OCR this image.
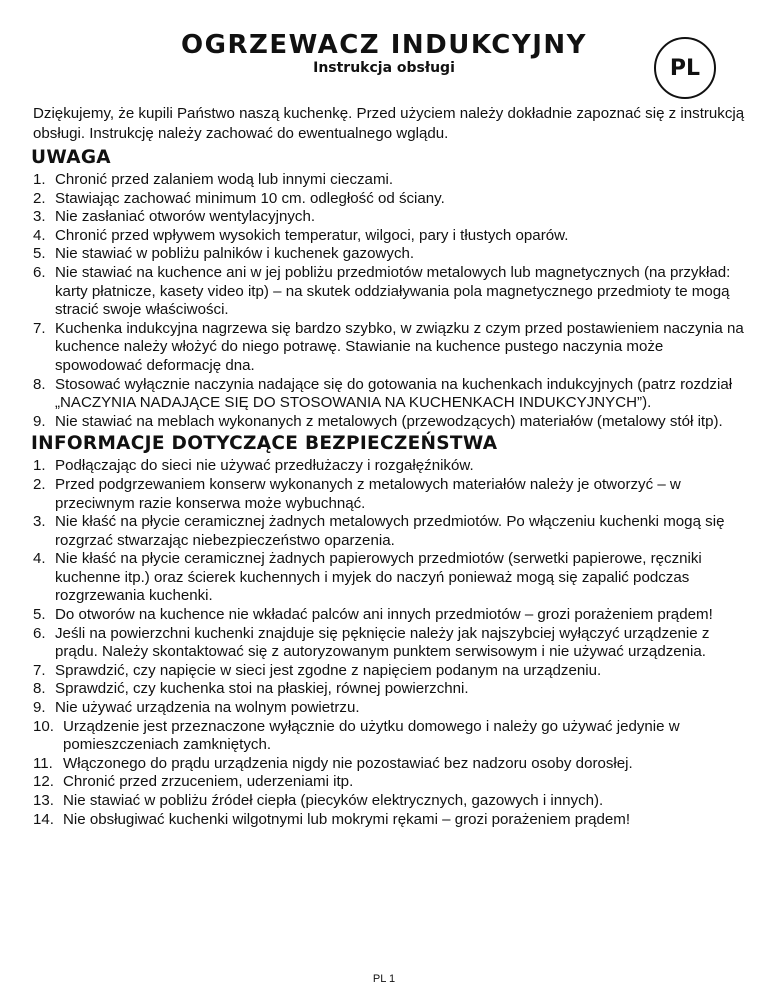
OGRZEWACZ INDUKCYJNY
Instrukcja obsługi	PL

Dziękujemy, że kupili Państwo naszą kuchenkę. Przed użyciem należy dokładnie zapoznać się z instrukcją obsługi. Instrukcję należy zachować do ewentualnego wglądu.

UWAGA
1. Chronić przed zalaniem wodą lub innymi cieczami.
2. Stawiając zachować minimum 10 cm. odległość od ściany.
3. Nie zasłaniać otworów wentylacyjnych.
4. Chronić przed wpływem wysokich temperatur, wilgoci, pary i tłustych oparów.
5. Nie stawiać w pobliżu palników i kuchenek gazowych.
6. Nie stawiać na kuchence ani w jej pobliżu przedmiotów metalowych lub magnetycznych (na przykład: karty płatnicze, kasety video itp) – na skutek oddziaływania pola magnetycznego przedmioty te mogą stracić swoje właściwości.
7. Kuchenka indukcyjna nagrzewa się bardzo szybko, w związku z czym przed postawieniem naczynia na kuchence należy włożyć do niego potrawę. Stawianie na kuchence pustego naczynia może spowodować deformację dna.
8. Stosować wyłącznie naczynia nadające się do gotowania na kuchenkach indukcyjnych (patrz rozdział „NACZYNIA NADAJĄCE SIĘ DO STOSOWANIA NA KUCHENKACH INDUKCYJNYCH”).
9. Nie stawiać na meblach wykonanych z metalowych (przewodzących) materiałów (metalowy stół itp).
INFORMACJE DOTYCZĄCE BEZPIECZEŃSTWA
1. Podłączając do sieci nie używać przedłużaczy i rozgałęźników.
2. Przed podgrzewaniem konserw wykonanych z metalowych materiałów należy je otworzyć – w przeciwnym razie konserwa może wybuchnąć.
3. Nie kłaść na płycie ceramicznej żadnych metalowych przedmiotów. Po włączeniu kuchenki mogą się rozgrzać stwarzając niebezpieczeństwo oparzenia.
4. Nie kłaść na płycie ceramicznej żadnych papierowych przedmiotów (serwetki papierowe, ręczniki kuchenne itp.) oraz ścierek kuchennych i myjek do naczyń ponieważ mogą się zapalić podczas rozgrzewania kuchenki.
5. Do otworów na kuchence nie wkładać palców ani innych przedmiotów – grozi porażeniem prądem!
6. Jeśli na powierzchni kuchenki znajduje się pęknięcie należy jak najszybciej wyłączyć urządzenie z prądu. Należy skontaktować się z autoryzowanym punktem serwisowym i nie używać urządzenia.
7. Sprawdzić, czy napięcie w sieci jest zgodne z napięciem podanym na urządzeniu.
8. Sprawdzić, czy kuchenka stoi na płaskiej, równej powierzchni.
9. Nie używać urządzenia na wolnym powietrzu.
10. Urządzenie jest przeznaczone wyłącznie do użytku domowego i należy go używać jedynie w pomieszczeniach zamkniętych.
11. Włączonego do prądu urządzenia nigdy nie pozostawiać bez nadzoru osoby dorosłej.
12. Chronić przed zrzuceniem, uderzeniami itp.
13. Nie stawiać w pobliżu źródeł ciepła (piecyków elektrycznych, gazowych i innych).
14. Nie obsługiwać kuchenki wilgotnymi lub mokrymi rękami – grozi porażeniem prądem!
PL 1
